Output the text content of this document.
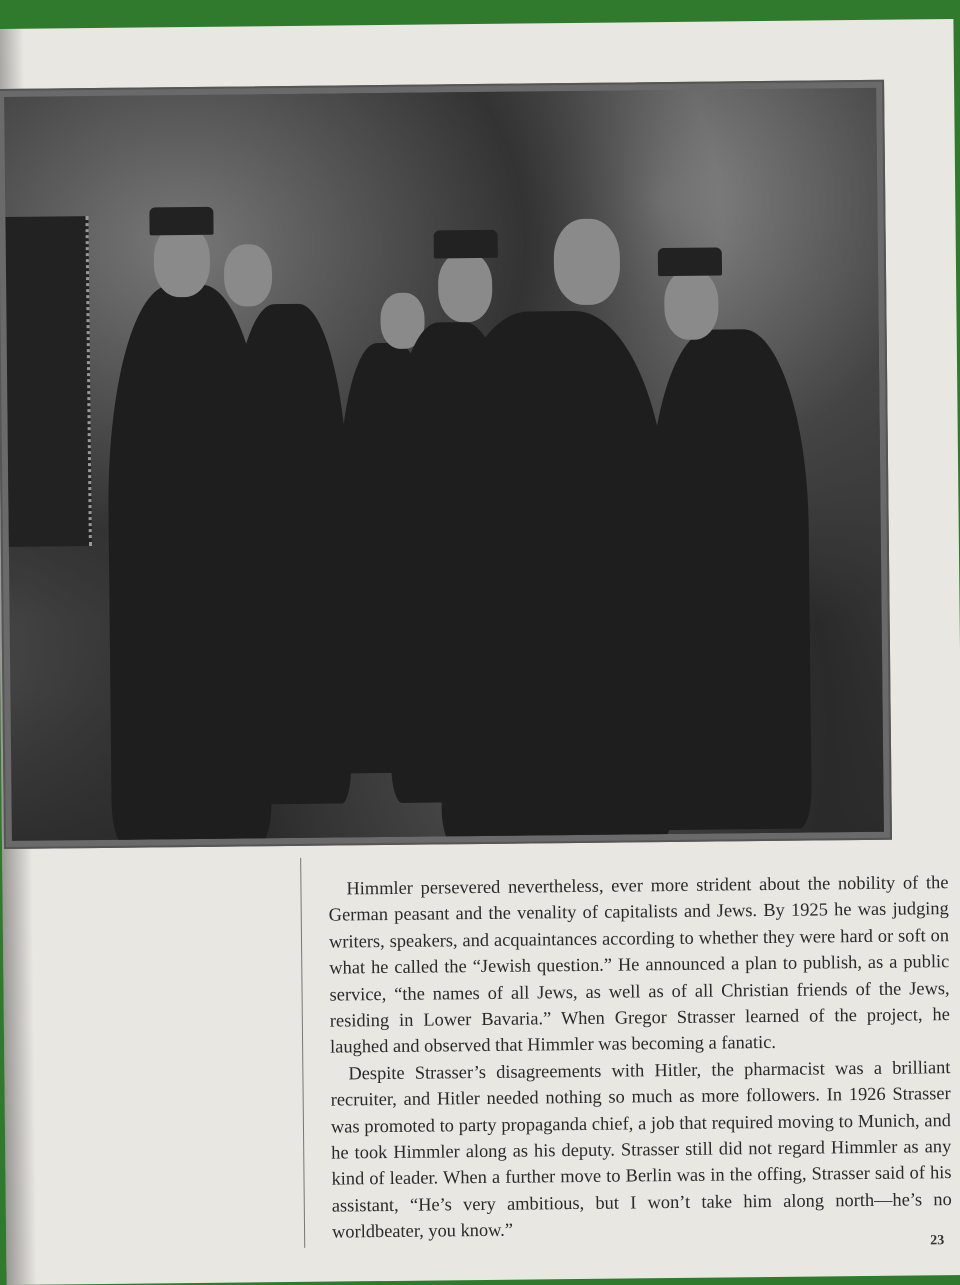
Himmler persevered nevertheless, ever more strident about the nobility of the German peasant and the venality of capitalists and Jews. By 1925 he was judging writers, speakers, and acquaintances according to whether they were hard or soft on what he called the “Jewish question.” He announced a plan to publish, as a public service, “the names of all Jews, as well as of all Christian friends of the Jews, residing in Lower Bavaria.” When Gregor Strasser learned of the project, he laughed and observed that Himmler was becoming a fanatic.

Despite Strasser’s disagreements with Hitler, the pharmacist was a brilliant recruiter, and Hitler needed nothing so much as more followers. In 1926 Strasser was promoted to party propaganda chief, a job that required moving to Munich, and he took Himmler along as his deputy. Strasser still did not regard Himmler as any kind of leader. When a further move to Berlin was in the offing, Strasser said of his assistant, “He’s very ambitious, but I won’t take him along north—he’s no worldbeater, you know.”	23
